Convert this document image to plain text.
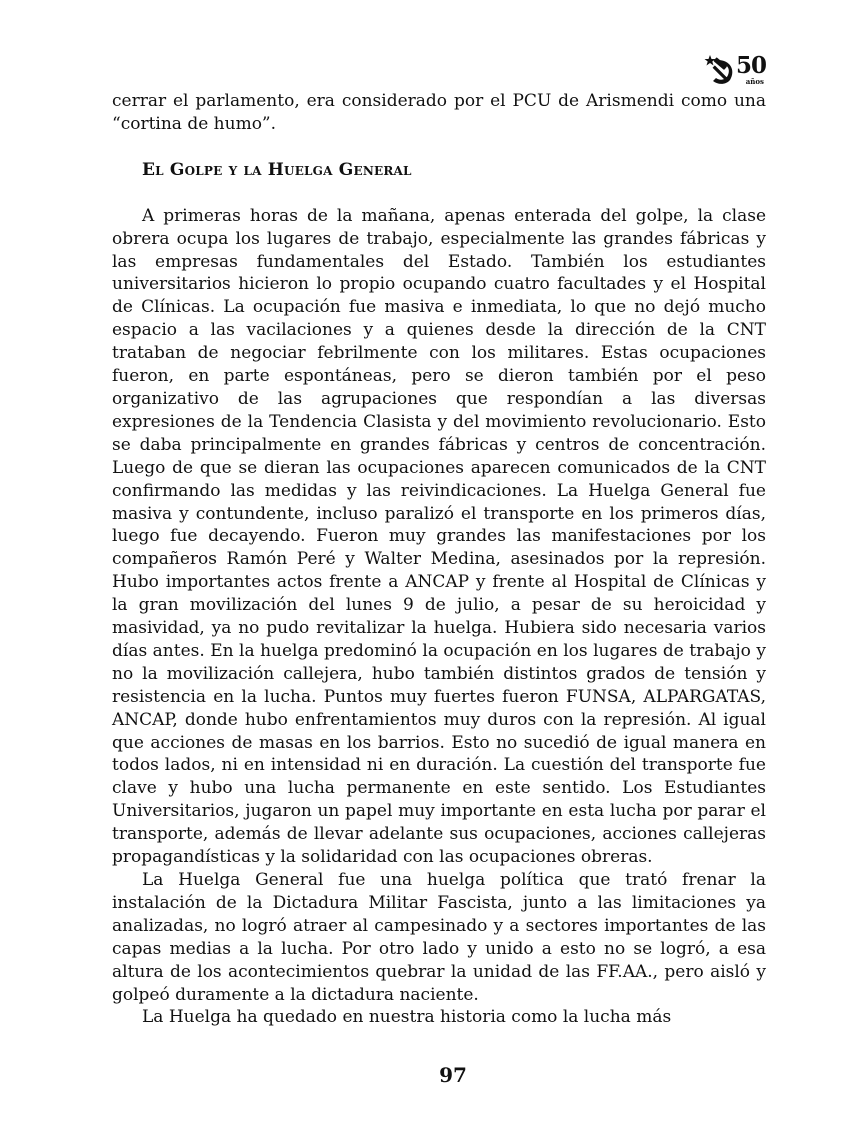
50
años

cerrar el parlamento, era considerado por el PCU de Arismendi como una “cortina de humo”.

El Golpe y la Huelga General

A primeras horas de la mañana, apenas enterada del golpe, la clase obrera ocupa los lugares de trabajo, especialmente las grandes fábricas y las empresas fundamentales del Estado. También los estudiantes universitarios hicieron lo propio ocupando cuatro facultades y el Hospital de Clínicas. La ocupación fue masiva e inmediata, lo que no dejó mucho espacio a las vacilaciones y a quienes desde la dirección de la CNT trataban de negociar febrilmente con los militares. Estas ocupaciones fueron, en parte espontáneas, pero se dieron también por el peso organizativo de las agrupaciones que respondían a las diversas expresiones de la Tendencia Clasista y del movimiento revolucionario. Esto se daba principalmente en grandes fábricas y centros de concentración. Luego de que se dieran las ocupaciones aparecen comunicados de la CNT confirmando las medidas y las reivindicaciones. La Huelga General fue masiva y contundente, incluso paralizó el transporte en los primeros días, luego fue decayendo. Fueron muy grandes las manifestaciones por los compañeros Ramón Peré y Walter Medina, asesinados por la represión. Hubo importantes actos frente a ANCAP y frente al Hospital de Clínicas y la gran movilización del lunes 9 de julio, a pesar de su heroicidad y masividad, ya no pudo revitalizar la huelga. Hubiera sido necesaria varios días antes. En la huelga predominó la ocupación en los lugares de trabajo y no la movilización callejera, hubo también distintos grados de tensión y resistencia en la lucha. Puntos muy fuertes fueron FUNSA, ALPARGATAS, ANCAP, donde hubo enfrentamientos muy duros con la represión. Al igual que acciones de masas en los barrios. Esto no sucedió de igual manera en todos lados, ni en intensidad ni en duración. La cuestión del transporte fue clave y hubo una lucha permanente en este sentido. Los Estudiantes Universitarios, jugaron un papel muy importante en esta lucha por parar el transporte, además de llevar adelante sus ocupaciones, acciones callejeras propagandísticas y la solidaridad con las ocupaciones obreras.

La Huelga General fue una huelga política que trató frenar la instalación de la Dictadura Militar Fascista, junto a las limitaciones ya analizadas, no logró atraer al campesinado y a sectores importantes de las capas medias a la lucha. Por otro lado y unido a esto no se logró, a esa altura de los acontecimientos quebrar la unidad de las FF.AA., pero aisló y golpeó duramente a la dictadura naciente.

La Huelga ha quedado en nuestra historia como la lucha más

97
